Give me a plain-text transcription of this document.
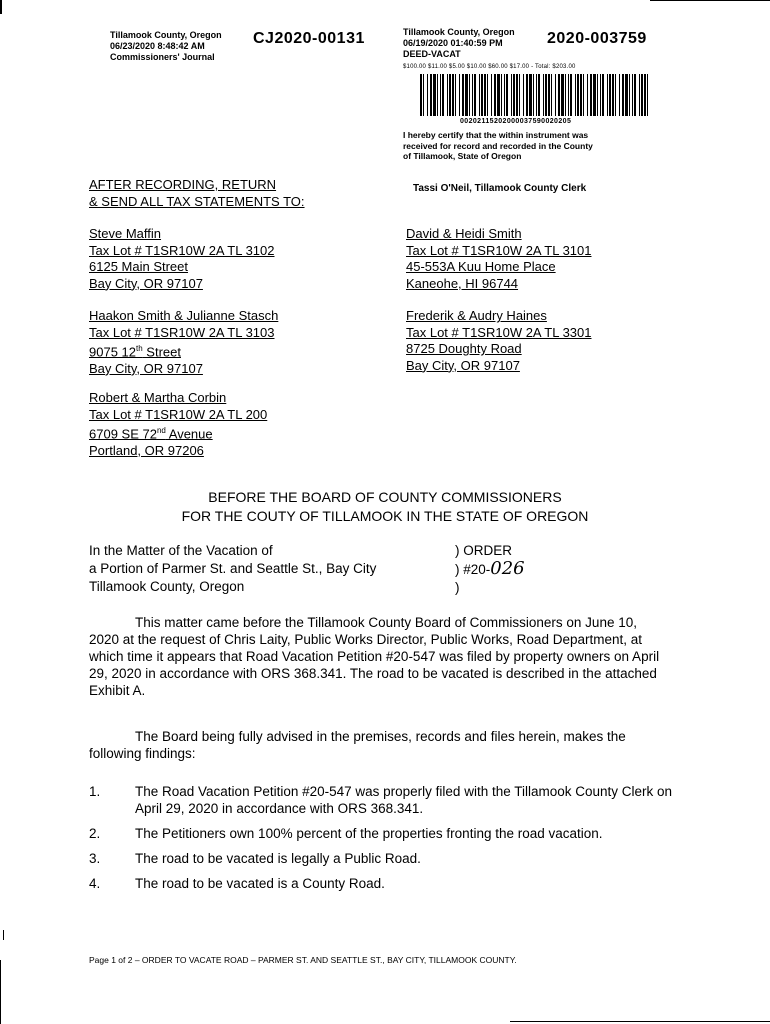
Tillamook County, Oregon
06/23/2020 8:48:42 AM
Commissioners' Journal
CJ2020-00131	Tillamook County, Oregon
06/19/2020 01:40:59 PM
DEED-VACAT
2020-003759
$100.00 $11.00 $5.00 $10.00 $60.00 $17.00 - Total: $203.00
00202115202000037590020205
I hereby certify that the within instrument was received for record and recorded in the County of Tillamook, State of Oregon
Tassi O'Neil, Tillamook County Clerk
AFTER RECORDING, RETURN
& SEND ALL TAX STATEMENTS TO:
Steve Maffin
Tax Lot # T1SR10W 2A TL 3102
6125 Main Street
Bay City, OR 97107
David & Heidi Smith
Tax Lot # T1SR10W 2A TL 3101
45-553A Kuu Home Place
Kaneohe, HI 96744
Haakon Smith & Julianne Stasch
Tax Lot # T1SR10W 2A TL 3103
9075 12th Street
Bay City, OR 97107
Frederik & Audry Haines
Tax Lot # T1SR10W 2A TL 3301
8725 Doughty Road
Bay City, OR 97107
Robert & Martha Corbin
Tax Lot # T1SR10W 2A TL 200
6709 SE 72nd Avenue
Portland, OR 97206
BEFORE THE BOARD OF COUNTY COMMISSIONERS
FOR THE COUTY OF TILLAMOOK IN THE STATE OF OREGON
In the Matter of the Vacation of
a Portion of Parmer St. and Seattle St., Bay City
Tillamook County, Oregon
) ORDER
) #20-026
)
This matter came before the Tillamook County Board of Commissioners on June 10, 2020 at the request of Chris Laity, Public Works Director, Public Works, Road Department, at which time it appears that Road Vacation Petition #20-547 was filed by property owners on April 29, 2020 in accordance with ORS 368.341. The road to be vacated is described in the attached Exhibit A.
The Board being fully advised in the premises, records and files herein, makes the following findings:
1.	The Road Vacation Petition #20-547 was properly filed with the Tillamook County Clerk on April 29, 2020 in accordance with ORS 368.341.
2.	The Petitioners own 100% percent of the properties fronting the road vacation.
3.	The road to be vacated is legally a Public Road.
4.	The road to be vacated is a County Road.
Page 1 of 2 – ORDER TO VACATE ROAD – PARMER ST. AND SEATTLE ST., BAY CITY, TILLAMOOK COUNTY.
